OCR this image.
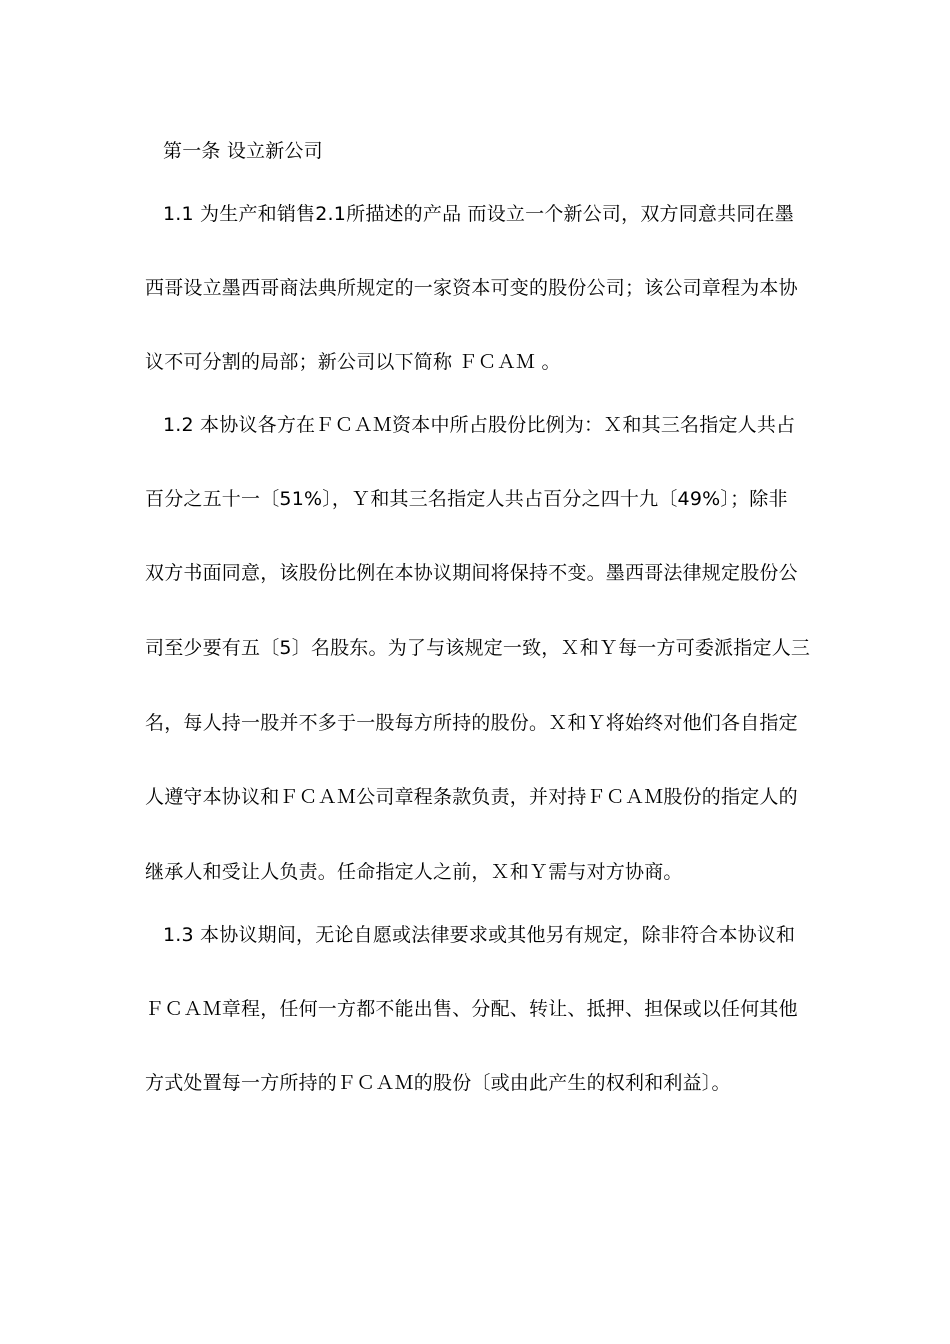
第一条 设立新公司
1.1 为生产和销售2.1所描述的产品 而设立一个新公司，双方同意共同在墨
西哥设立墨西哥商法典所规定的一家资本可变的股份公司；该公司章程为本协
议不可分割的局部；新公司以下简称 ＦＣＡＭ 。
1.2 本协议各方在ＦＣＡＭ资本中所占股份比例为：Ｘ和其三名指定人共占
百分之五十一〔51%〕，Ｙ和其三名指定人共占百分之四十九〔49%〕；除非
双方书面同意，该股份比例在本协议期间将保持不变。墨西哥法律规定股份公
司至少要有五〔5〕名股东。为了与该规定一致，Ｘ和Ｙ每一方可委派指定人三
名，每人持一股并不多于一股每方所持的股份。Ｘ和Ｙ将始终对他们各自指定
人遵守本协议和ＦＣＡＭ公司章程条款负责，并对持ＦＣＡＭ股份的指定人的
继承人和受让人负责。任命指定人之前，Ｘ和Ｙ需与对方协商。
1.3 本协议期间，无论自愿或法律要求或其他另有规定，除非符合本协议和
ＦＣＡＭ章程，任何一方都不能出售、分配、转让、抵押、担保或以任何其他
方式处置每一方所持的ＦＣＡＭ的股份〔或由此产生的权利和利益〕。
